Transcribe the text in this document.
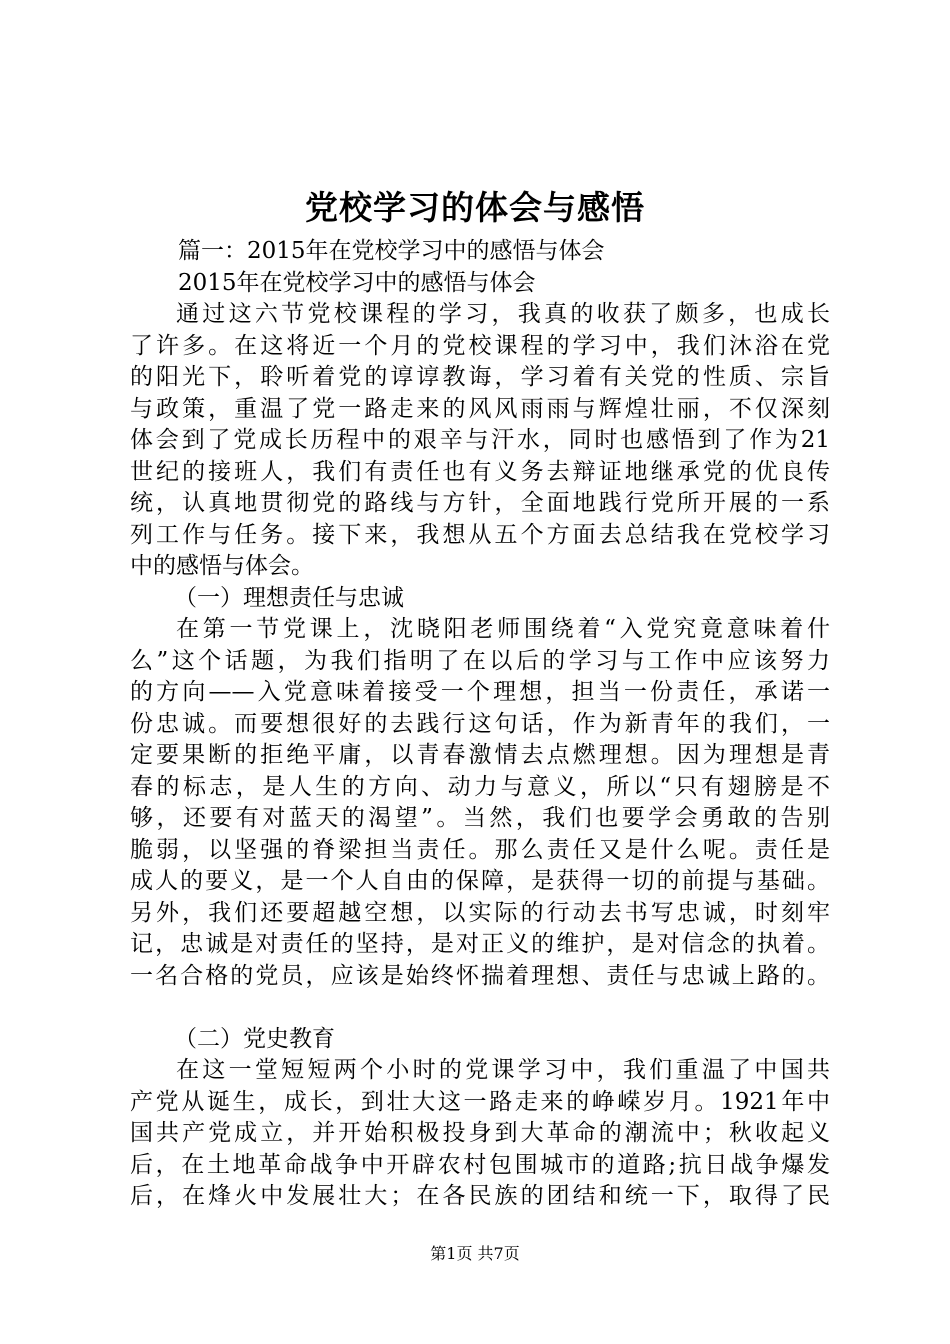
党校学习的体会与感悟
篇一：2015年在党校学习中的感悟与体会
2015年在党校学习中的感悟与体会
通过这六节党校课程的学习，我真的收获了颇多，也成长
了许多。在这将近一个月的党校课程的学习中，我们沐浴在党
的阳光下，聆听着党的谆谆教诲，学习着有关党的性质、宗旨
与政策，重温了党一路走来的风风雨雨与辉煌壮丽，不仅深刻
体会到了党成长历程中的艰辛与汗水，同时也感悟到了作为21
世纪的接班人，我们有责任也有义务去辩证地继承党的优良传
统，认真地贯彻党的路线与方针，全面地践行党所开展的一系
列工作与任务。接下来，我想从五个方面去总结我在党校学习
中的感悟与体会。
（一）理想责任与忠诚
在第一节党课上，沈晓阳老师围绕着“入党究竟意味着什
么”这个话题，为我们指明了在以后的学习与工作中应该努力
的方向——入党意味着接受一个理想，担当一份责任，承诺一
份忠诚。而要想很好的去践行这句话，作为新青年的我们，一
定要果断的拒绝平庸，以青春激情去点燃理想。因为理想是青
春的标志，是人生的方向、动力与意义，所以“只有翅膀是不
够，还要有对蓝天的渴望”。当然，我们也要学会勇敢的告别
脆弱，以坚强的脊梁担当责任。那么责任又是什么呢。责任是
成人的要义，是一个人自由的保障，是获得一切的前提与基础。
另外，我们还要超越空想，以实际的行动去书写忠诚，时刻牢
记，忠诚是对责任的坚持，是对正义的维护，是对信念的执着。
一名合格的党员，应该是始终怀揣着理想、责任与忠诚上路的。
（二）党史教育
在这一堂短短两个小时的党课学习中，我们重温了中国共
产党从诞生，成长，到壮大这一路走来的峥嵘岁月。1921年中
国共产党成立，并开始积极投身到大革命的潮流中；秋收起义
后，在土地革命战争中开辟农村包围城市的道路;抗日战争爆发
后，在烽火中发展壮大；在各民族的团结和统一下，取得了民
第1页 共7页
